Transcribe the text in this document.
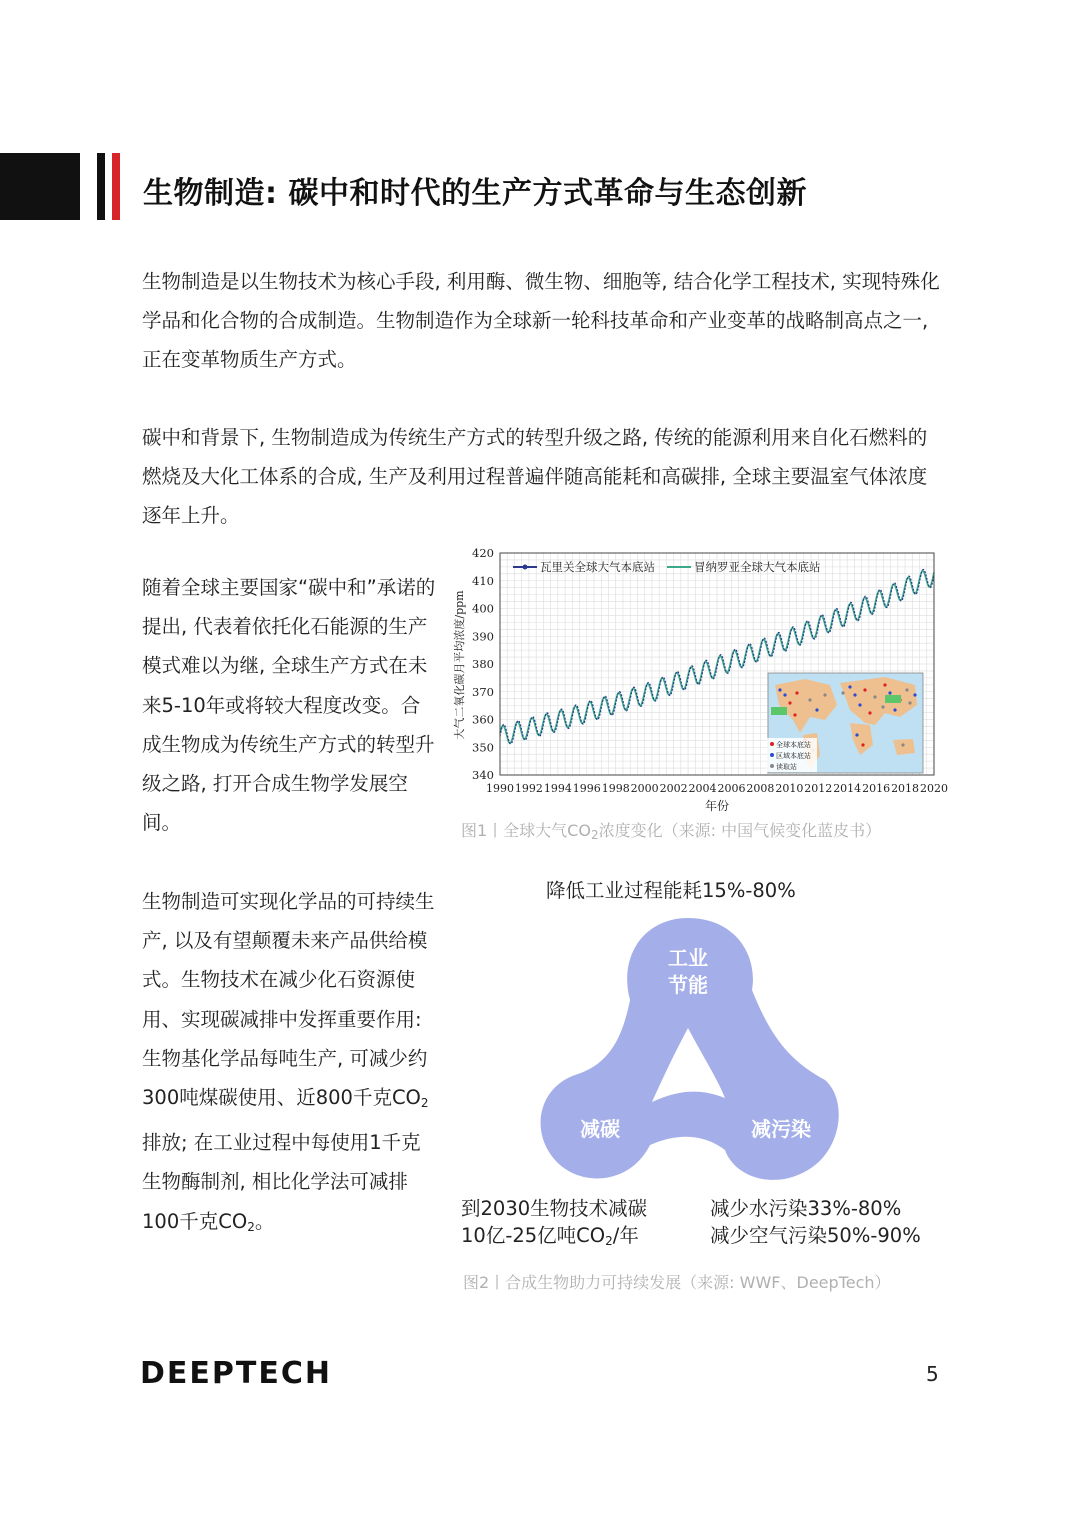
生物制造: 碳中和时代的生产方式革命与生态创新
生物制造是以生物技术为核心手段, 利用酶、微生物、细胞等, 结合化学工程技术, 实现特殊化学品和化合物的合成制造。生物制造作为全球新一轮科技革命和产业变革的战略制高点之一, 正在变革物质生产方式。
碳中和背景下, 生物制造成为传统生产方式的转型升级之路, 传统的能源利用来自化石燃料的燃烧及大化工体系的合成, 生产及利用过程普遍伴随高能耗和高碳排, 全球主要温室气体浓度逐年上升。
随着全球主要国家“碳中和”承诺的提出, 代表着依托化石能源的生产模式难以为继, 全球生产方式在未来5-10年或将较大程度改变。合成生物成为传统生产方式的转型升级之路, 打开合成生物学发展空间。
生物制造可实现化学品的可持续生产, 以及有望颠覆未来产品供给模式。生物技术在减少化石资源使用、实现碳减排中发挥重要作用: 生物基化学品每吨生产, 可减少约300吨煤碳使用、近800千克$CO_2$排放; 在工业过程中每使用1千克生物酶制剂, 相比化学法可减排100千克$CO_2$。
340
350
360
370
380
390
400
410
420
1990 1992 1994 1996 1998 2000 2002 2004 2006 2008 2010 2012 2014 2016 2018 2020
大气二氧化碳月平均浓度/ppm
年份
瓦里关全球大气本底站	冒纳罗亚全球大气本底站
全球本底站
区域本底站
读取站
图1丨全球大气$CO_2$浓度变化（来源: 中国气候变化蓝皮书）
降低工业过程能耗15%-80%
工业
节能
减碳	减污染
到2030生物技术减碳
10亿-25亿吨$CO_2/$年
减少水污染33%-80%
减少空气污染50%-90%
图2丨合成生物助力可持续发展（来源: WWF、DeepTech）
DEEPTECH	5
